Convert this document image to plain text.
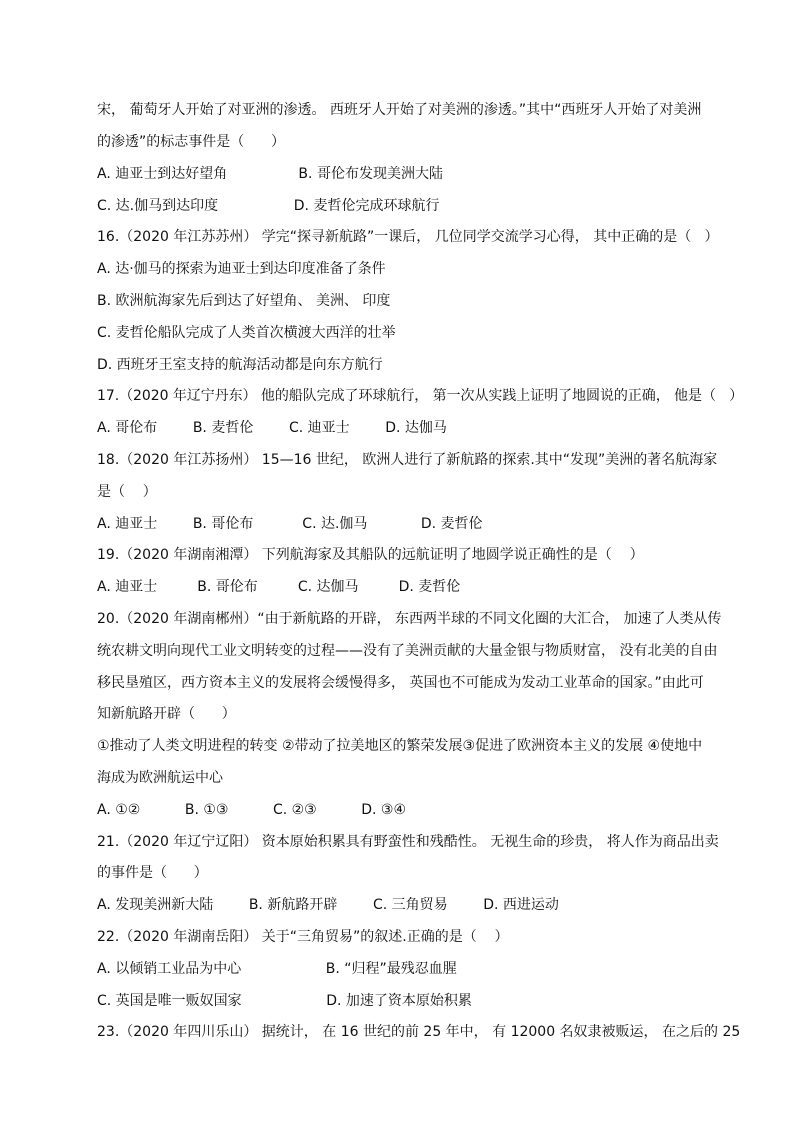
宋， 葡萄牙人开始了对亚洲的渗透。 西班牙人开始了对美洲的渗透。”其中“西班牙人开始了对美洲
的渗透”的标志事件是（      ）
A. 迪亚士到达好望角                B. 哥伦布发现美洲大陆
C. 达.伽马到达印度                 D. 麦哲伦完成环球航行
16.（2020 年江苏苏州） 学完“探寻新航路”一课后， 几位同学交流学习心得， 其中正确的是（   ）
A. 达·伽马的探索为迪亚士到达印度准备了条件
B. 欧洲航海家先后到达了好望角、 美洲、 印度
C. 麦哲伦船队完成了人类首次横渡大西洋的壮举
D. 西班牙王室支持的航海活动都是向东方航行
17.（2020 年辽宁丹东） 他的船队完成了环球航行， 第一次从实践上证明了地圆说的正确， 他是（   ）
A. 哥伦布        B. 麦哲伦        C. 迪亚士        D. 达伽马
18.（2020 年江苏扬州） 15—16 世纪， 欧洲人进行了新航路的探索.其中“发现”美洲的著名航海家
是（    ）
A. 迪亚士        B. 哥伦布           C. 达.伽马            D. 麦哲伦
19.（2020 年湖南湘潭） 下列航海家及其船队的远航证明了地圆学说正确性的是（    ）
A. 迪亚士         B. 哥伦布         C. 达伽马         D. 麦哲伦
20.（2020 年湖南郴州）“由于新航路的开辟， 东西两半球的不同文化圈的大汇合， 加速了人类从传
统农耕文明向现代工业文明转变的过程——没有了美洲贡献的大量金银与物质财富， 没有北美的自由
移民垦殖区，西方资本主义的发展将会缓慢得多， 英国也不可能成为发动工业革命的国家。”由此可
知新航路开辟（      ）
①推动了人类文明进程的转变 ②带动了拉美地区的繁荣发展③促进了欧洲资本主义的发展 ④使地中
海成为欧洲航运中心
A. ①②          B. ①③          C. ②③          D. ③④
21.（2020 年辽宁辽阳） 资本原始积累具有野蛮性和残酷性。 无视生命的珍贵， 将人作为商品出卖
的事件是（      ）
A. 发现美洲新大陆        B. 新航路开辟        C. 三角贸易        D. 西进运动
22.（2020 年湖南岳阳） 关于“三角贸易”的叙述.正确的是（    ）
A. 以倾销工业品为中心                   B. “归程”最残忍血腥
C. 英国是唯一贩奴国家                   D. 加速了资本原始积累
23.（2020 年四川乐山） 据统计， 在 16 世纪的前 25 年中， 有 12000 名奴隶被贩运， 在之后的 25
